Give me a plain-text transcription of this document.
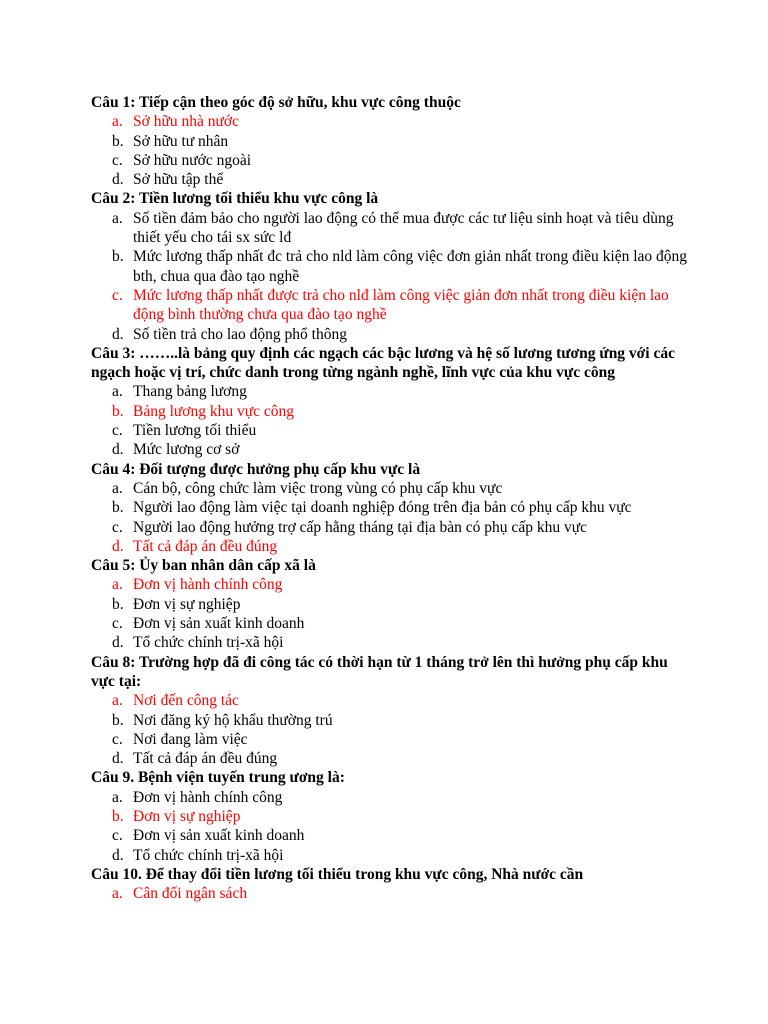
Câu 1: Tiếp cận theo góc độ sở hữu, khu vực công thuộc

a. Sở hữu nhà nước
b. Sở hữu tư nhân
c. Sở hữu nước ngoài
d. Sở hữu tập thể

Câu 2: Tiền lương tối thiểu khu vực công là

a. Số tiền đảm bảo cho người lao động có thể mua được các tư liệu sinh hoạt và tiêu dùng thiết yếu cho tái sx sức lđ
b. Mức lương thấp nhất đc trả cho nld làm công việc đơn giản nhất trong điều kiện lao động bth, chua qua đào tạo nghề
c. Mức lương thấp nhất được trả cho nlđ làm công việc giản đơn nhất trong điều kiện lao động bình thường chưa qua đào tạo nghề
d. Số tiền trả cho lao động phổ thông

Câu 3: ……..là bảng quy định các ngạch các bậc lương và hệ số lương tương ứng với các ngạch hoặc vị trí, chức danh trong từng ngành nghề, lĩnh vực của khu vực công

a. Thang bảng lương
b. Bảng lương khu vực công
c. Tiền lương tối thiểu
d. Mức lương cơ sở

Câu 4: Đối tượng được hưởng phụ cấp khu vực là

a. Cán bộ, công chức làm việc trong vùng có phụ cấp khu vực
b. Người lao động làm việc tại doanh nghiệp đóng trên địa bản có phụ cấp khu vực
c. Người lao động hưởng trợ cấp hằng tháng tại địa bàn có phụ cấp khu vực
d. Tất cả đáp án đều đúng

Câu 5: Ủy ban nhân dân cấp xã là

a. Đơn vị hành chính công
b. Đơn vị sự nghiệp
c. Đơn vị sản xuất kinh doanh
d. Tổ chức chính trị-xã hội

Câu 8: Trường hợp đã đi công tác có thời hạn từ 1 tháng trở lên thì hưởng phụ cấp khu vực tại:

a. Nơi đến công tác
b. Nơi đăng ký hộ khẩu thường trú
c. Nơi đang làm việc
d. Tất cả đáp án đều đúng

Câu 9. Bệnh viện tuyến trung ương là:

a. Đơn vị hành chính công
b. Đơn vị sự nghiệp
c. Đơn vị sản xuất kinh doanh
d. Tổ chức chính trị-xã hội

Câu 10. Để thay đổi tiền lương tối thiểu trong khu vực công, Nhà nước cần

a. Cân đối ngân sách
